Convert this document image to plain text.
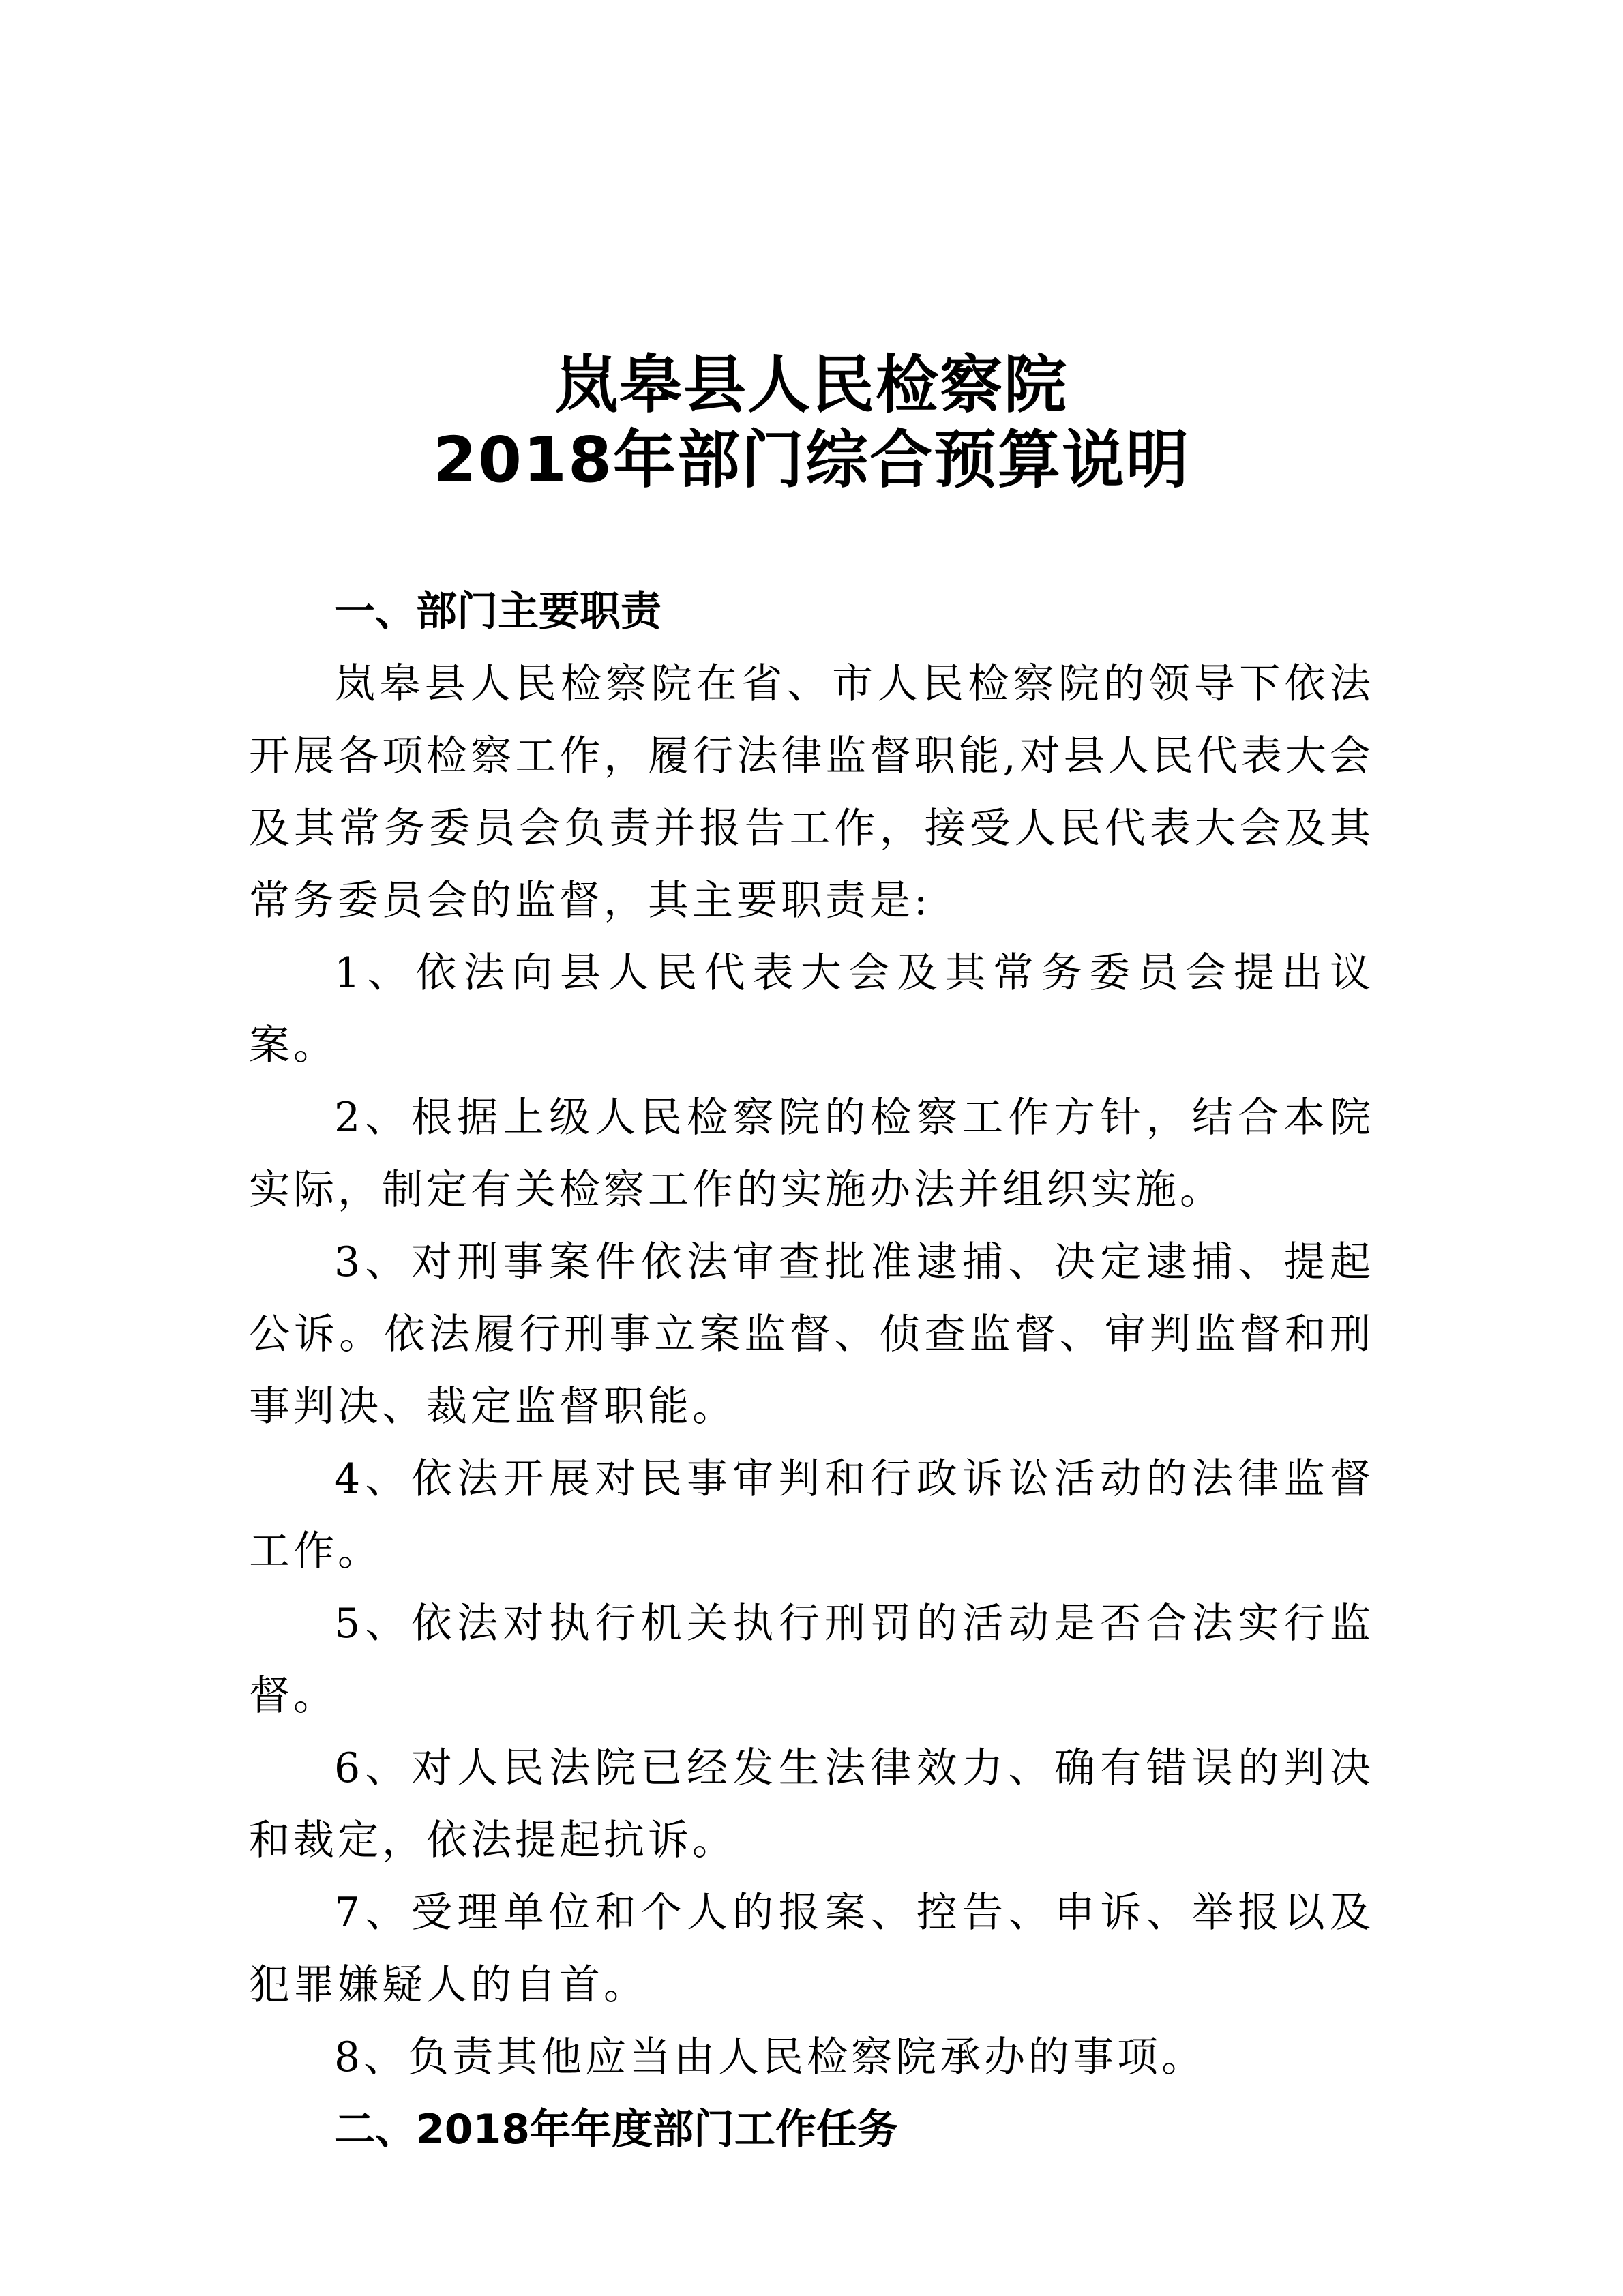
岚皋县人民检察院
2018年部门综合预算说明
一、部门主要职责

岚皋县人民检察院在省、市人民检察院的领导下依法开展各项检察工作，履行法律监督职能,对县人民代表大会及其常务委员会负责并报告工作，接受人民代表大会及其常务委员会的监督，其主要职责是:

1、依法向县人民代表大会及其常务委员会提出议案。

2、根据上级人民检察院的检察工作方针，结合本院实际，制定有关检察工作的实施办法并组织实施。

3、对刑事案件依法审查批准逮捕、决定逮捕、提起公诉。依法履行刑事立案监督、侦查监督、审判监督和刑事判决、裁定监督职能。

4、依法开展对民事审判和行政诉讼活动的法律监督工作。

5、依法对执行机关执行刑罚的活动是否合法实行监督。

6、对人民法院已经发生法律效力、确有错误的判决和裁定，依法提起抗诉。

7、受理单位和个人的报案、控告、申诉、举报以及犯罪嫌疑人的自首。

8、负责其他应当由人民检察院承办的事项。

二、2018年年度部门工作任务
